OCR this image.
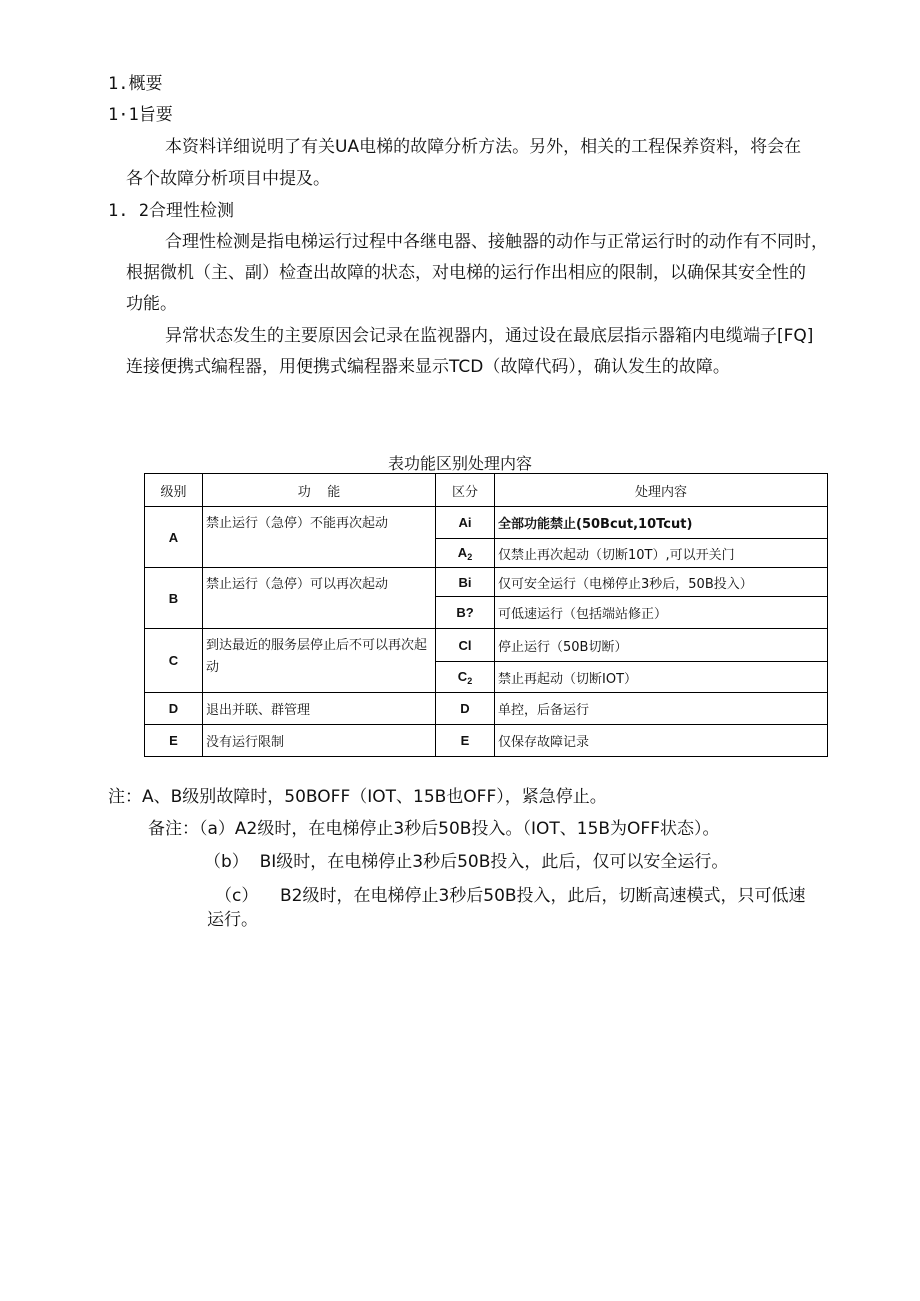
1.概要
1·1旨要
本资料详细说明了有关UA电梯的故障分析方法。另外，相关的工程保养资料，将会在
各个故障分析项目中提及。
1. 2合理性检测
合理性检测是指电梯运行过程中各继电器、接触器的动作与正常运行时的动作有不同时，
根据微机（主、副）检查出故障的状态，对电梯的运行作出相应的限制，以确保其安全性的
功能。
异常状态发生的主要原因会记录在监视器内，通过设在最底层指示器箱内电缆端子[FQ]
连接便携式编程器，用便携式编程器来显示TCD（故障代码），确认发生的故障。
表功能区别处理内容
级别	功    能	区分	处理内容
A	禁止运行（急停）不能再次起动	Ai	全部功能禁止(50Bcut,10Tcut)
		$A_2$	仅禁止再次起动（切断10T）,可以开关门
B	禁止运行（急停）可以再次起动	Bi	仅可安全运行（电梯停止3秒后，50B投入）
		B?	可低速运行（包括端站修正）
C	到达最近的服务层停止后不可以再次起动	Cl	停止运行（50B切断）
		$C_2$	禁止再起动（切断IOT）
D	退出并联、群管理	D	单控，后备运行
E	没有运行限制	E	仅保存故障记录
注：A、B级别故障时，50BOFF（IOT、15B也OFF），紧急停止。
备注：（a）A2级时，在电梯停止3秒后50B投入。（IOT、15B为OFF状态）。
（b）  BI级时，在电梯停止3秒后50B投入，此后，仅可以安全运行。
（c）    B2级时，在电梯停止3秒后50B投入，此后，切断高速模式，只可低速
运行。
